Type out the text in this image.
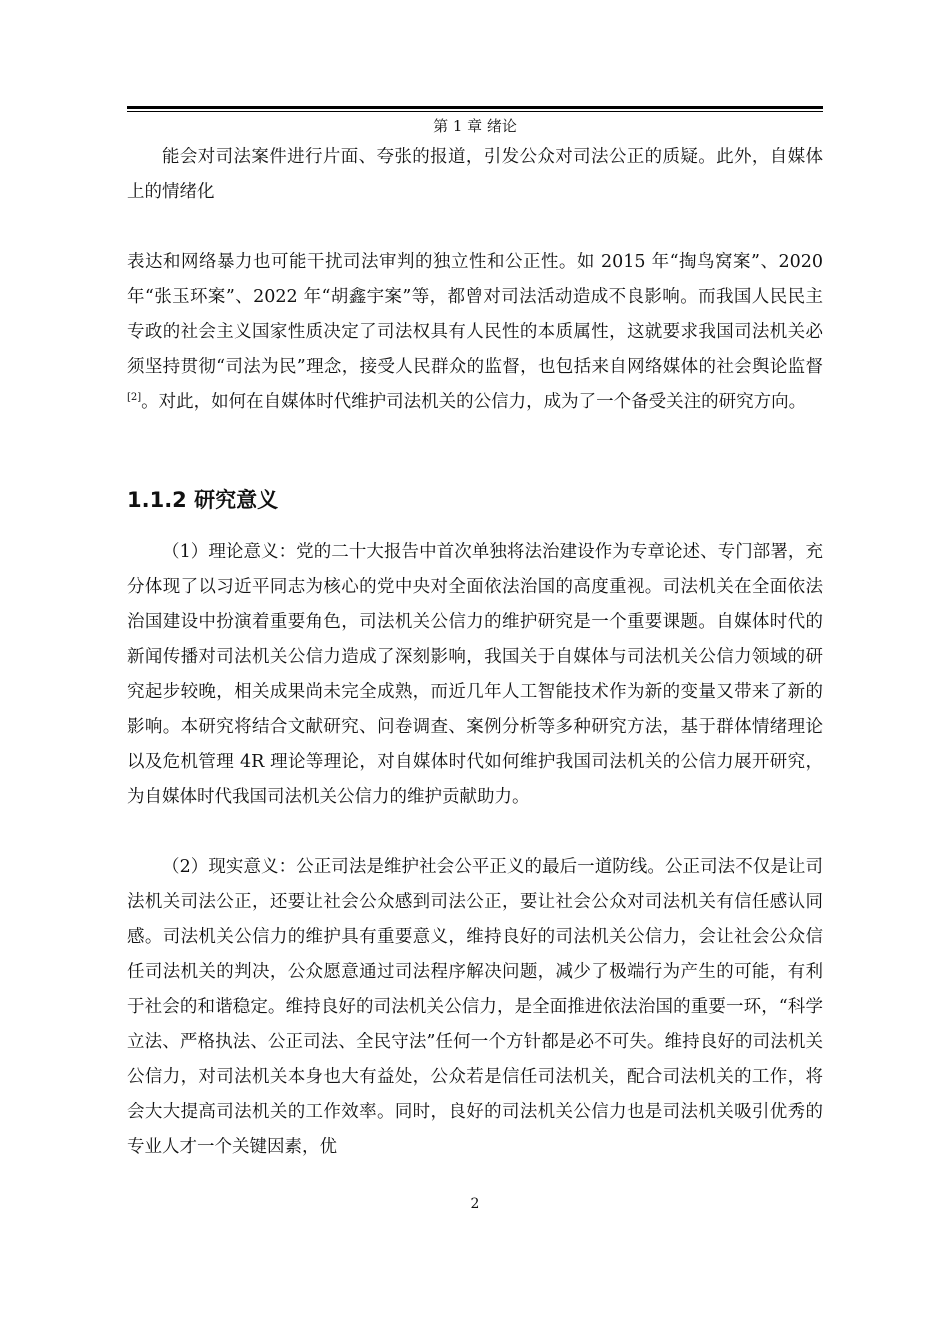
第 1 章 绪论

能会对司法案件进行片面、夸张的报道，引发公众对司法公正的质疑。此外，自媒体上的情绪化

表达和网络暴力也可能干扰司法审判的独立性和公正性。如 2015 年“掏鸟窝案”、2020 年“张玉环案”、2022 年“胡鑫宇案”等，都曾对司法活动造成不良影响。而我国人民民主专政的社会主义国家性质决定了司法权具有人民性的本质属性，这就要求我国司法机关必须坚持贯彻“司法为民”理念，接受人民群众的监督，也包括来自网络媒体的社会舆论监督[2]。对此，如何在自媒体时代维护司法机关的公信力，成为了一个备受关注的研究方向。

1.1.2 研究意义

（1）理论意义：党的二十大报告中首次单独将法治建设作为专章论述、专门部署，充分体现了以习近平同志为核心的党中央对全面依法治国的高度重视。司法机关在全面依法治国建设中扮演着重要角色，司法机关公信力的维护研究是一个重要课题。自媒体时代的新闻传播对司法机关公信力造成了深刻影响，我国关于自媒体与司法机关公信力领域的研究起步较晚，相关成果尚未完全成熟，而近几年人工智能技术作为新的变量又带来了新的影响。本研究将结合文献研究、问卷调查、案例分析等多种研究方法，基于群体情绪理论以及危机管理 4R 理论等理论，对自媒体时代如何维护我国司法机关的公信力展开研究，为自媒体时代我国司法机关公信力的维护贡献助力。

（2）现实意义：公正司法是维护社会公平正义的最后一道防线。公正司法不仅是让司法机关司法公正，还要让社会公众感到司法公正，要让社会公众对司法机关有信任感认同感。司法机关公信力的维护具有重要意义，维持良好的司法机关公信力，会让社会公众信任司法机关的判决，公众愿意通过司法程序解决问题，减少了极端行为产生的可能，有利于社会的和谐稳定。维持良好的司法机关公信力，是全面推进依法治国的重要一环，“科学立法、严格执法、公正司法、全民守法”任何一个方针都是必不可失。维持良好的司法机关公信力，对司法机关本身也大有益处，公众若是信任司法机关，配合司法机关的工作，将会大大提高司法机关的工作效率。同时，良好的司法机关公信力也是司法机关吸引优秀的专业人才一个关键因素，优

2
